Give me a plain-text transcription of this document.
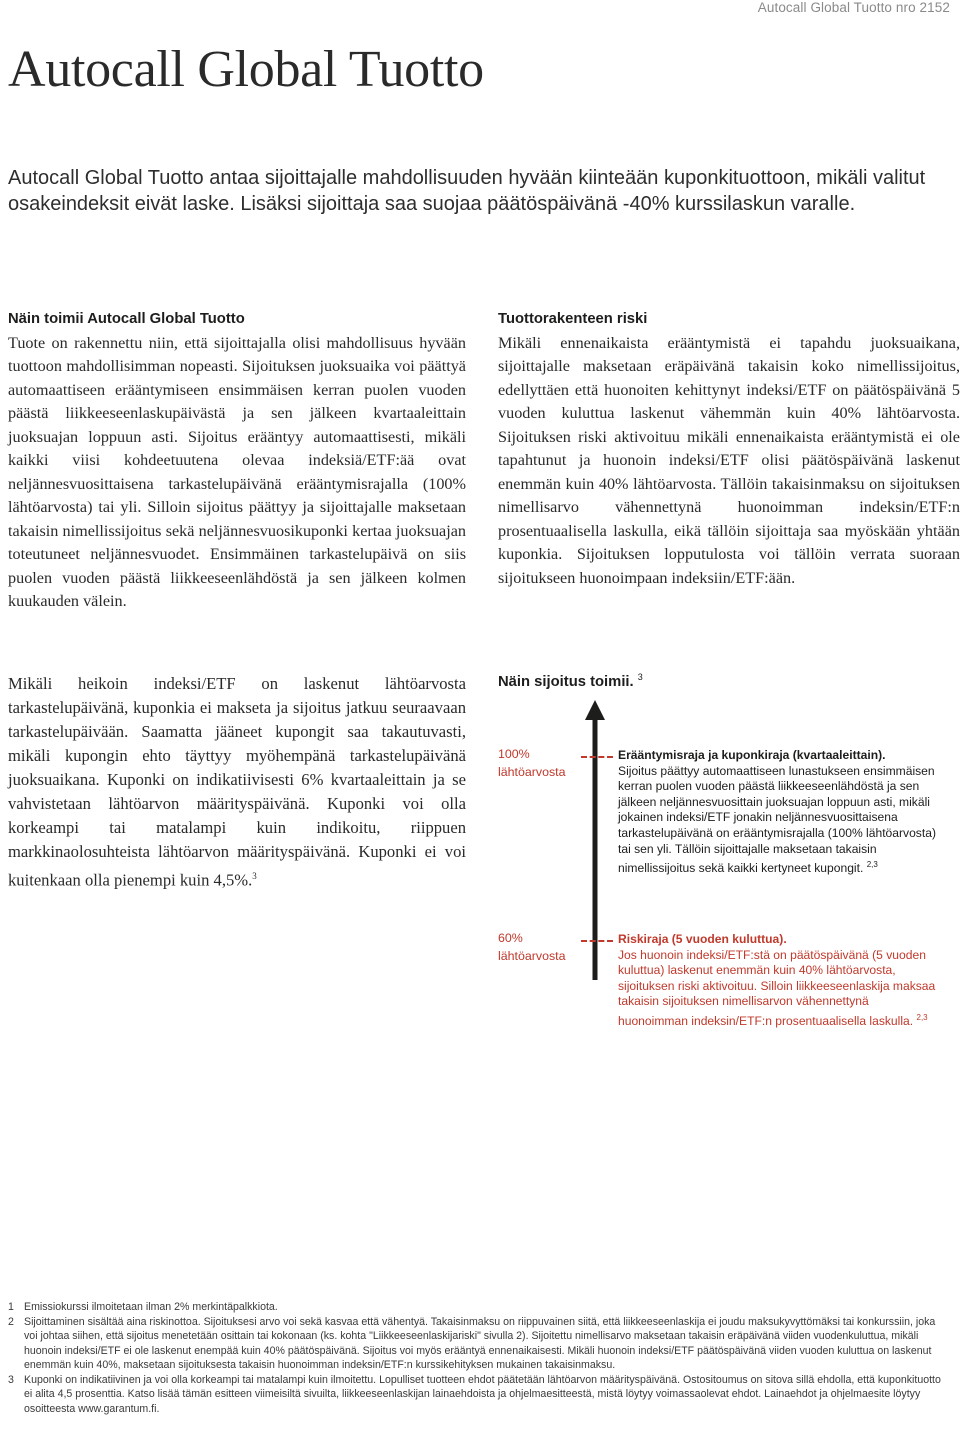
Autocall Global Tuotto nro 2152
Autocall Global Tuotto

Autocall Global Tuotto antaa sijoittajalle mahdollisuuden hyvään kiinteään kuponkituottoon, mikäli valitut osakeindeksit eivät laske. Lisäksi sijoittaja saa suojaa päätöspäivänä -40% kurssilaskun varalle.

Näin toimii Autocall Global Tuotto

Tuote on rakennettu niin, että sijoittajalla olisi mahdollisuus hyvään tuottoon mahdollisimman nopeasti. Sijoituksen juoksuaika voi päättyä automaattiseen erääntymiseen ensimmäisen kerran puolen vuoden päästä liikkeeseenlaskupäivästä ja sen jälkeen kvartaaleittain juoksuajan loppuun asti. Sijoitus erääntyy automaattisesti, mikäli kaikki viisi kohdeetuutena olevaa indeksiä/ETF:ää ovat neljännesvuosittaisena tarkastelupäivänä erääntymisrajalla (100% lähtöarvosta) tai yli. Silloin sijoitus päättyy ja sijoittajalle maksetaan takaisin nimellissijoitus sekä neljännesvuosikuponki kertaa juoksuajan toteutuneet neljännesvuodet. Ensimmäinen tarkastelupäivä on siis puolen vuoden päästä liikkeeseenlähdöstä ja sen jälkeen kolmen kuukauden välein.

Mikäli heikoin indeksi/ETF on laskenut lähtöarvosta tarkastelupäivänä, kuponkia ei makseta ja sijoitus jatkuu seuraavaan tarkastelupäivään. Saamatta jääneet kupongit saa takautuvasti, mikäli kupongin ehto täyttyy myöhempänä tarkastelupäivänä juoksuaikana. Kuponki on indikatiivisesti 6% kvartaaleittain ja se vahvistetaan lähtöarvon määrityspäivänä. Kuponki voi olla korkeampi tai matalampi kuin indikoitu, riippuen markkinaolosuhteista lähtöarvon määrityspäivänä. Kuponki ei voi kuitenkaan olla pienempi kuin 4,5%.$^3$

Tuottorakenteen riski

Mikäli ennenaikaista erääntymistä ei tapahdu juoksuaikana, sijoittajalle maksetaan eräpäivänä takaisin koko nimellissijoitus, edellyttäen että huonoiten kehittynyt indeksi/ETF on päätöspäivänä 5 vuoden kuluttua laskenut vähemmän kuin 40% lähtöarvosta. Sijoituksen riski aktivoituu mikäli ennenaikaista erääntymistä ei ole tapahtunut ja huonoin indeksi/ETF olisi päätöspäivänä laskenut enemmän kuin 40% lähtöarvosta. Tällöin takaisinmaksu on sijoituksen nimellisarvo vähennettynä huonoimman indeksin/ETF:n prosentuaalisella laskulla, eikä tällöin sijoittaja saa myöskään yhtään kuponkia. Sijoituksen lopputulosta voi tällöin verrata suoraan sijoitukseen huonoimpaan indeksiin/ETF:ään.

Näin sijoitus toimii. $^3$
100% lähtöarvosta
Erääntymisraja ja kuponkiraja (kvartaaleittain).
Sijoitus päättyy automaattiseen lunastukseen ensimmäisen kerran puolen vuoden päästä liikkeeseenlähdöstä ja sen jälkeen neljännesvuosittain juoksuajan loppuun asti, mikäli jokainen indeksi/ETF jonakin neljännesvuosittaisena tarkastelupäivänä on erääntymisrajalla (100% lähtöarvosta) tai sen yli. Tällöin sijoittajalle maksetaan takaisin nimellissijoitus sekä kaikki kertyneet kupongit. $^{2,3}$
60% lähtöarvosta
Riskiraja (5 vuoden kuluttua).
Jos huonoin indeksi/ETF:stä on päätöspäivänä (5 vuoden kuluttua) laskenut enemmän kuin 40% lähtöarvosta, sijoituksen riski aktivoituu. Silloin liikkeeseenlaskija maksaa takaisin sijoituksen nimellisarvon vähennettynä huonoimman indeksin/ETF:n prosentuaalisella laskulla. $^{2,3}$

1 Emissiokurssi ilmoitetaan ilman 2% merkintäpalkkiota.

2 Sijoittaminen sisältää aina riskinottoa. Sijoituksesi arvo voi sekä kasvaa että vähentyä. Takaisinmaksu on riippuvainen siitä, että liikkeeseenlaskija ei joudu maksukyvyttömäksi tai konkurssiin, joka voi johtaa siihen, että sijoitus menetetään osittain tai kokonaan (ks. kohta "Liikkeeseenlaskijariski" sivulla 2). Sijoitettu nimellisarvo maksetaan takaisin eräpäivänä viiden vuodenkuluttua, mikäli huonoin indeksi/ETF ei ole laskenut enempää kuin 40% päätöspäivänä. Sijoitus voi myös erääntyä ennenaikaisesti. Mikäli huonoin indeksi/ETF päätöspäivänä viiden vuoden kuluttua on laskenut enemmän kuin 40%, maksetaan sijoituksesta takaisin huonoimman indeksin/ETF:n kurssikehityksen mukainen takaisinmaksu.

3 Kuponki on indikatiivinen ja voi olla korkeampi tai matalampi kuin ilmoitettu. Lopulliset tuotteen ehdot päätetään lähtöarvon määrityspäivänä. Ostositoumus on sitova sillä ehdolla, että kuponkituotto ei alita 4,5 prosenttia. Katso lisää tämän esitteen viimeisiltä sivuilta, liikkeeseenlaskijan lainaehdoista ja ohjelmaesitteestä, mistä löytyy voimassaolevat ehdot. Lainaehdot ja ohjelmaesite löytyy osoitteesta www.garantum.fi.
